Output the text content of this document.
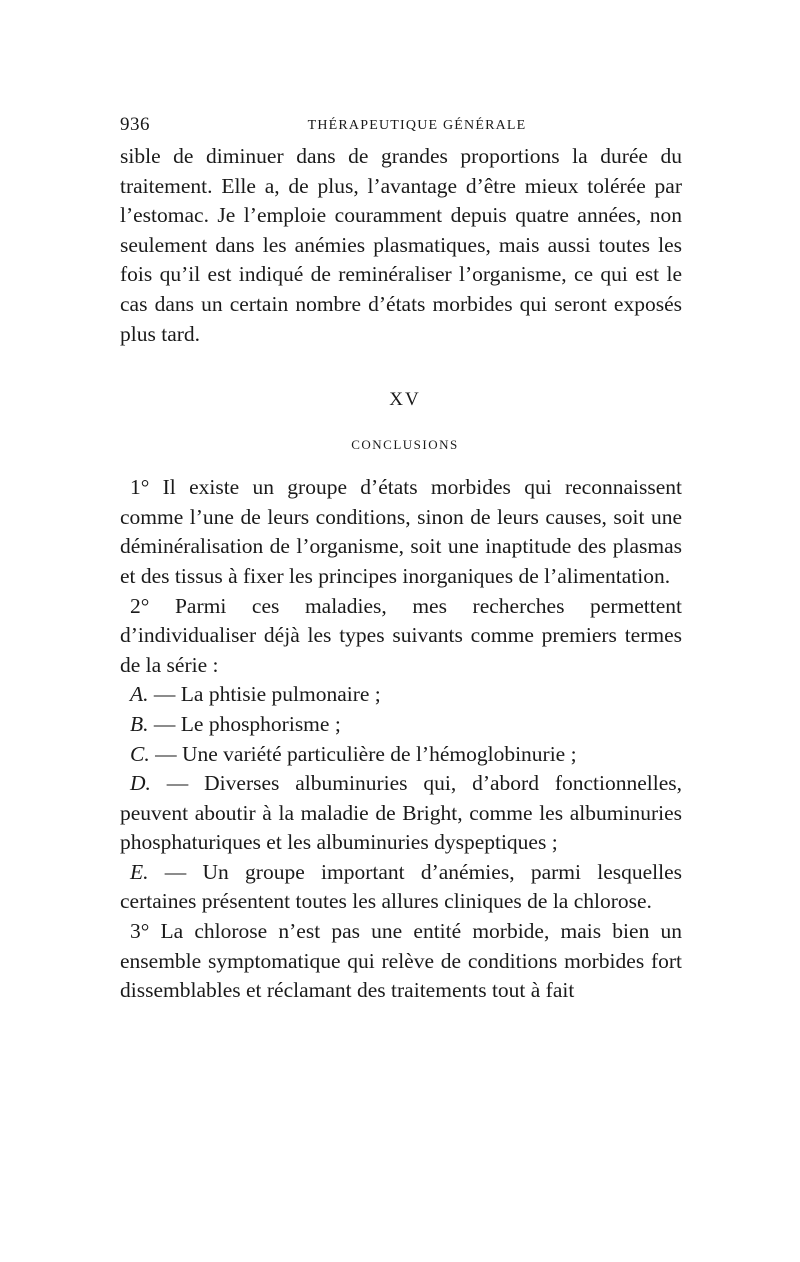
936	THÉRAPEUTIQUE GÉNÉRALE

sible de diminuer dans de grandes proportions la durée du traitement. Elle a, de plus, l’avantage d’être mieux tolérée par l’estomac. Je l’emploie couramment depuis quatre années, non seulement dans les anémies plasmatiques, mais aussi toutes les fois qu’il est indiqué de reminéraliser l’organisme, ce qui est le cas dans un certain nombre d’états morbides qui seront exposés plus tard.

XV
CONCLUSIONS

1° Il existe un groupe d’états morbides qui reconnaissent comme l’une de leurs conditions, sinon de leurs causes, soit une déminéralisation de l’organisme, soit une inaptitude des plasmas et des tissus à fixer les principes inorganiques de l’alimentation.

2° Parmi ces maladies, mes recherches permettent d’individualiser déjà les types suivants comme premiers termes de la série :

A. — La phtisie pulmonaire ;

B. — Le phosphorisme ;

C. — Une variété particulière de l’hémoglobinurie ;

D. — Diverses albuminuries qui, d’abord fonctionnelles, peuvent aboutir à la maladie de Bright, comme les albuminuries phosphaturiques et les albuminuries dyspeptiques ;

E. — Un groupe important d’anémies, parmi lesquelles certaines présentent toutes les allures cliniques de la chlorose.

3° La chlorose n’est pas une entité morbide, mais bien un ensemble symptomatique qui relève de conditions morbides fort dissemblables et réclamant des traitements tout à fait
